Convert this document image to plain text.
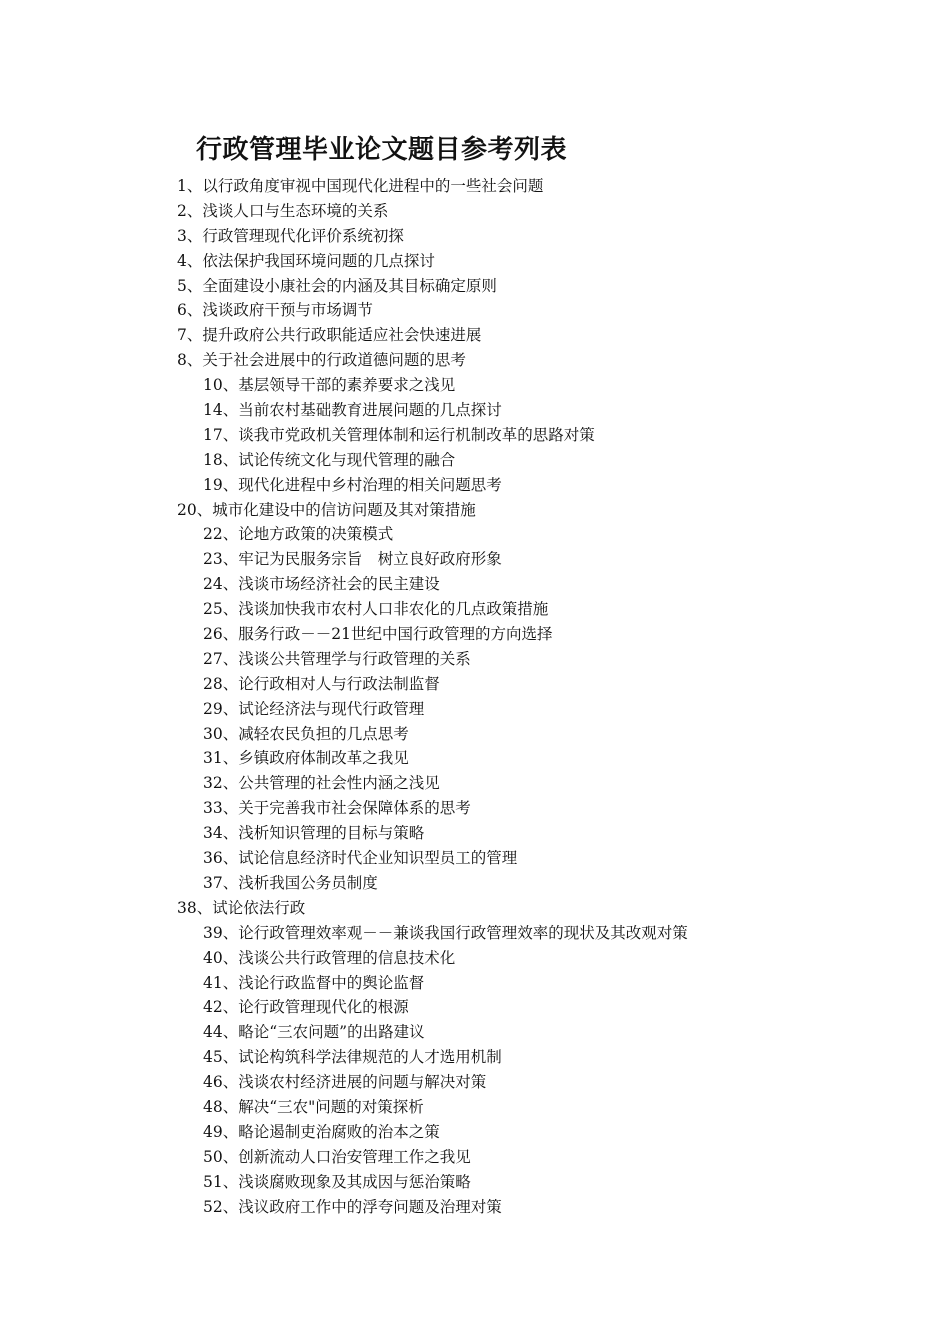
行政管理毕业论文题目参考列表
1、以行政角度审视中国现代化进程中的一些社会问题
2、浅谈人口与生态环境的关系
3、行政管理现代化评价系统初探
4、依法保护我国环境问题的几点探讨
5、全面建设小康社会的内涵及其目标确定原则
6、浅谈政府干预与市场调节
7、提升政府公共行政职能适应社会快速进展
8、关于社会进展中的行政道德问题的思考
10、基层领导干部的素养要求之浅见
14、当前农村基础教育进展问题的几点探讨
17、谈我市党政机关管理体制和运行机制改革的思路对策
18、试论传统文化与现代管理的融合
19、现代化进程中乡村治理的相关问题思考
20、城市化建设中的信访问题及其对策措施
22、论地方政策的决策模式
23、牢记为民服务宗旨　树立良好政府形象
24、浅谈市场经济社会的民主建设
25、浅谈加快我市农村人口非农化的几点政策措施
26、服务行政－－21世纪中国行政管理的方向选择
27、浅谈公共管理学与行政管理的关系
28、论行政相对人与行政法制监督
29、试论经济法与现代行政管理
30、减轻农民负担的几点思考
31、乡镇政府体制改革之我见
32、公共管理的社会性内涵之浅见
33、关于完善我市社会保障体系的思考
34、浅析知识管理的目标与策略
36、试论信息经济时代企业知识型员工的管理
37、浅析我国公务员制度
38、试论依法行政
39、论行政管理效率观－－兼谈我国行政管理效率的现状及其改观对策
40、浅谈公共行政管理的信息技术化
41、浅论行政监督中的舆论监督
42、论行政管理现代化的根源
44、略论“三农问题”的出路建议
45、试论构筑科学法律规范的人才选用机制
46、浅谈农村经济进展的问题与解决对策
48、解决“三农"问题的对策探析
49、略论遏制吏治腐败的治本之策
50、创新流动人口治安管理工作之我见
51、浅谈腐败现象及其成因与惩治策略
52、浅议政府工作中的浮夸问题及治理对策
